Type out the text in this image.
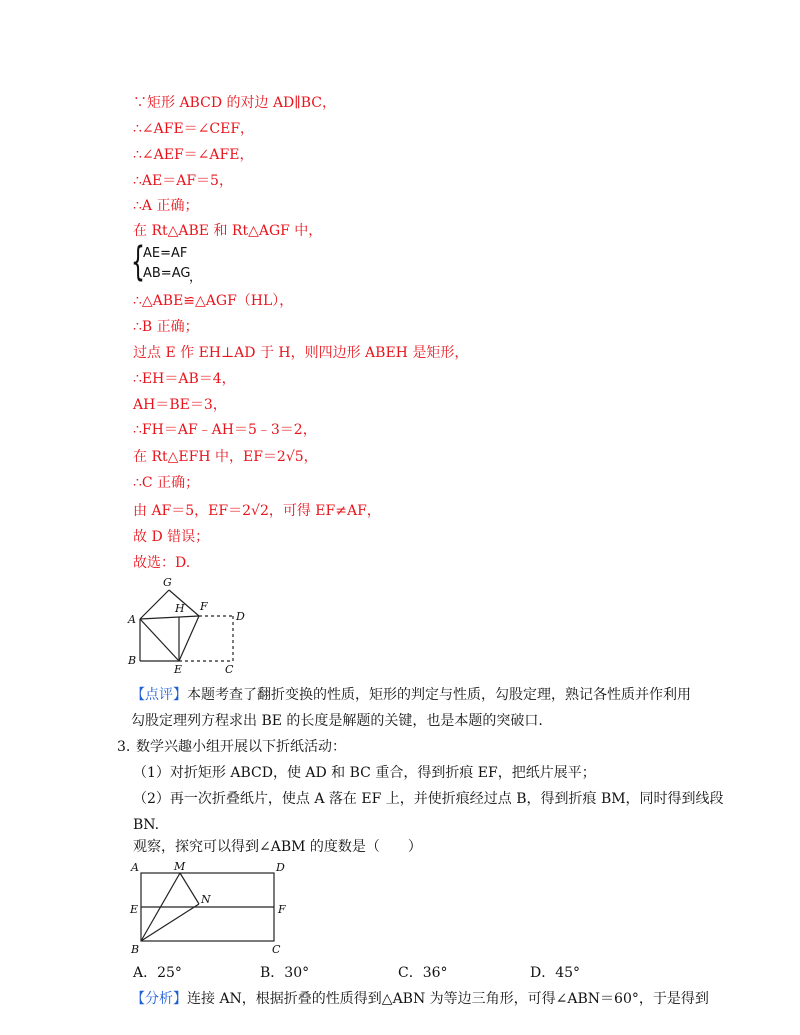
∵矩形 ABCD 的对边 AD∥BC，
∴∠AFE＝∠CEF，
∴∠AEF＝∠AFE，
∴AE＝AF＝5，
∴A 正确；
在 Rt△ABE 和 Rt△AGF 中，
{
AE=AF
AB=AG
，
∴△ABE≌△AGF（HL），
∴B 正确；
过点 E 作 EH⊥AD 于 H，则四边形 ABEH 是矩形，
∴EH＝AB＝4，
AH＝BE＝3，
∴FH＝AF﹣AH＝5﹣3＝2，
在 Rt△EFH 中，EF＝2√5，
∴C 正确；
由 AF＝5，EF＝2√2，可得 EF≠AF，
故 D 错误；
故选：D.
G
H F
A	D
B
E	C
【点评】本题考查了翻折变换的性质，矩形的判定与性质，勾股定理，熟记各性质并作利用
勾股定理列方程求出 BE 的长度是解题的关键，也是本题的突破口.
3. 数学兴趣小组开展以下折纸活动：
（1）对折矩形 ABCD，使 AD 和 BC 重合，得到折痕 EF，把纸片展平；
（2）再一次折叠纸片，使点 A 落在 EF 上，并使折痕经过点 B，得到折痕 BM，同时得到线段
BN.
观察，探究可以得到∠ABM 的度数是（　　）
A	M	D
N
E	F
B	C
A．25°	B．30°	C．36°	D．45°
【分析】连接 AN，根据折叠的性质得到△ABN 为等边三角形，可得∠ABN＝60°，于是得到
